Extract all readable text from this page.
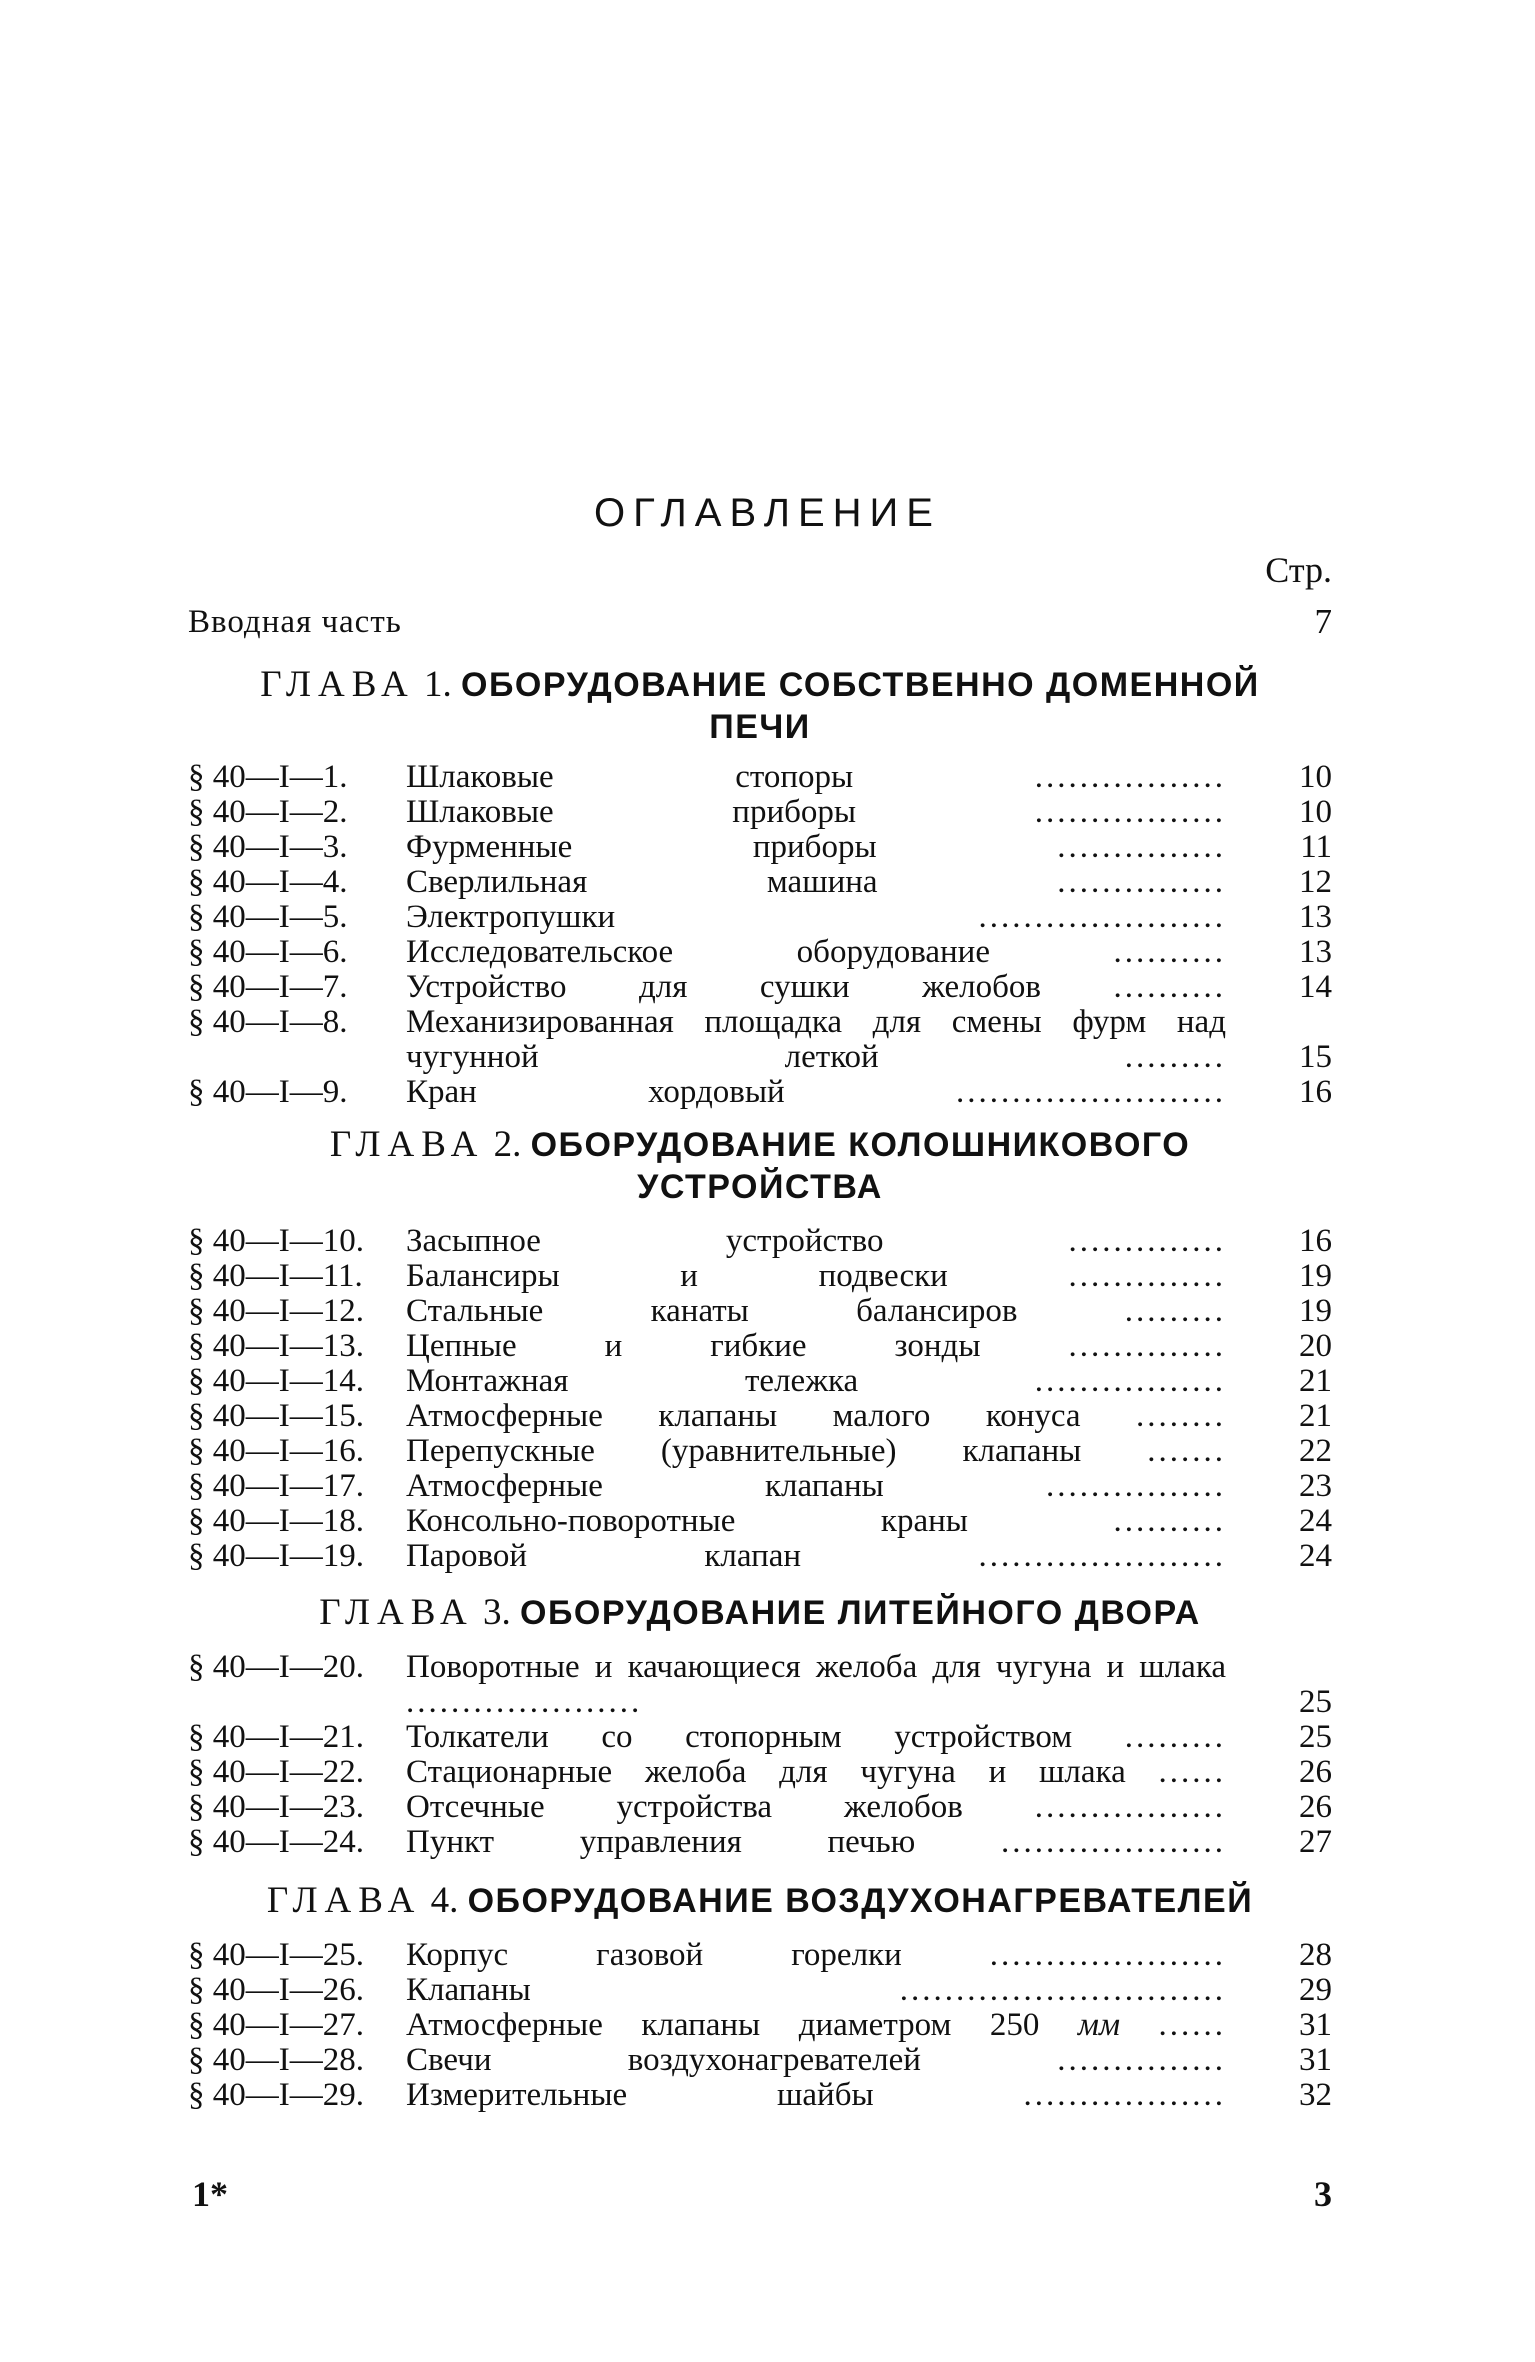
ОГЛАВЛЕНИЕ
Стр.
Вводная часть	7
ГЛАВА 1. ОБОРУДОВАНИЕ СОБСТВЕННО ДОМЕННОЙ
ПЕЧИ
§ 40—I—1. Шлаковые стопоры	.................	10
§ 40—I—2. Шлаковые приборы	.................	10
§ 40—I—3. Фурменные приборы	...............	11
§ 40—I—4. Сверлильная машина	...............	12
§ 40—I—5. Электропушки	......................	13
§ 40—I—6. Исследовательское оборудование	..........	13
§ 40—I—7. Устройство для сушки желобов ..........	14
§ 40—I—8. Механизированная площадка для смены фурм над чугунной леткой	.........	15
§ 40—I—9. Кран хордовый	........................	16
ГЛАВА 2. ОБОРУДОВАНИЕ КОЛОШНИКОВОГО
УСТРОЙСТВА
§ 40—I—10. Засыпное устройство	..............	16
§ 40—I—11. Балансиры и подвески	..............	19
§ 40—I—12. Стальные канаты балансиров	.........	19
§ 40—I—13. Цепные и гибкие зонды	..............	20
§ 40—I—14. Монтажная тележка	.................	21
§ 40—I—15. Атмосферные клапаны малого конуса ........	21
§ 40—I—16. Перепускные (уравнительные) клапаны .......	22
§ 40—I—17. Атмосферные клапаны	................	23
§ 40—I—18. Консольно-поворотные краны	..........	24
§ 40—I—19. Паровой клапан	......................	24
ГЛАВА 3. ОБОРУДОВАНИЕ ЛИТЕЙНОГО ДВОРА
§ 40—I—20. Поворотные и качающиеся желоба для чугуна и шлака .....................	25
§ 40—I—21. Толкатели со стопорным устройством .........	25
§ 40—I—22. Стационарные желоба для чугуна и шлака ......	26
§ 40—I—23. Отсечные устройства желобов .................	26
§ 40—I—24. Пункт управления печью	....................	27
ГЛАВА 4. ОБОРУДОВАНИЕ ВОЗДУХОНАГРЕВАТЕЛЕЙ
§ 40—I—25. Корпус газовой горелки	.....................	28
§ 40—I—26. Клапаны	.............................	29
§ 40—I—27. Атмосферные клапаны диаметром 250 мм ......	31
§ 40—I—28. Свечи воздухонагревателей	...............	31
§ 40—I—29. Измерительные шайбы	..................	32
1*	3
